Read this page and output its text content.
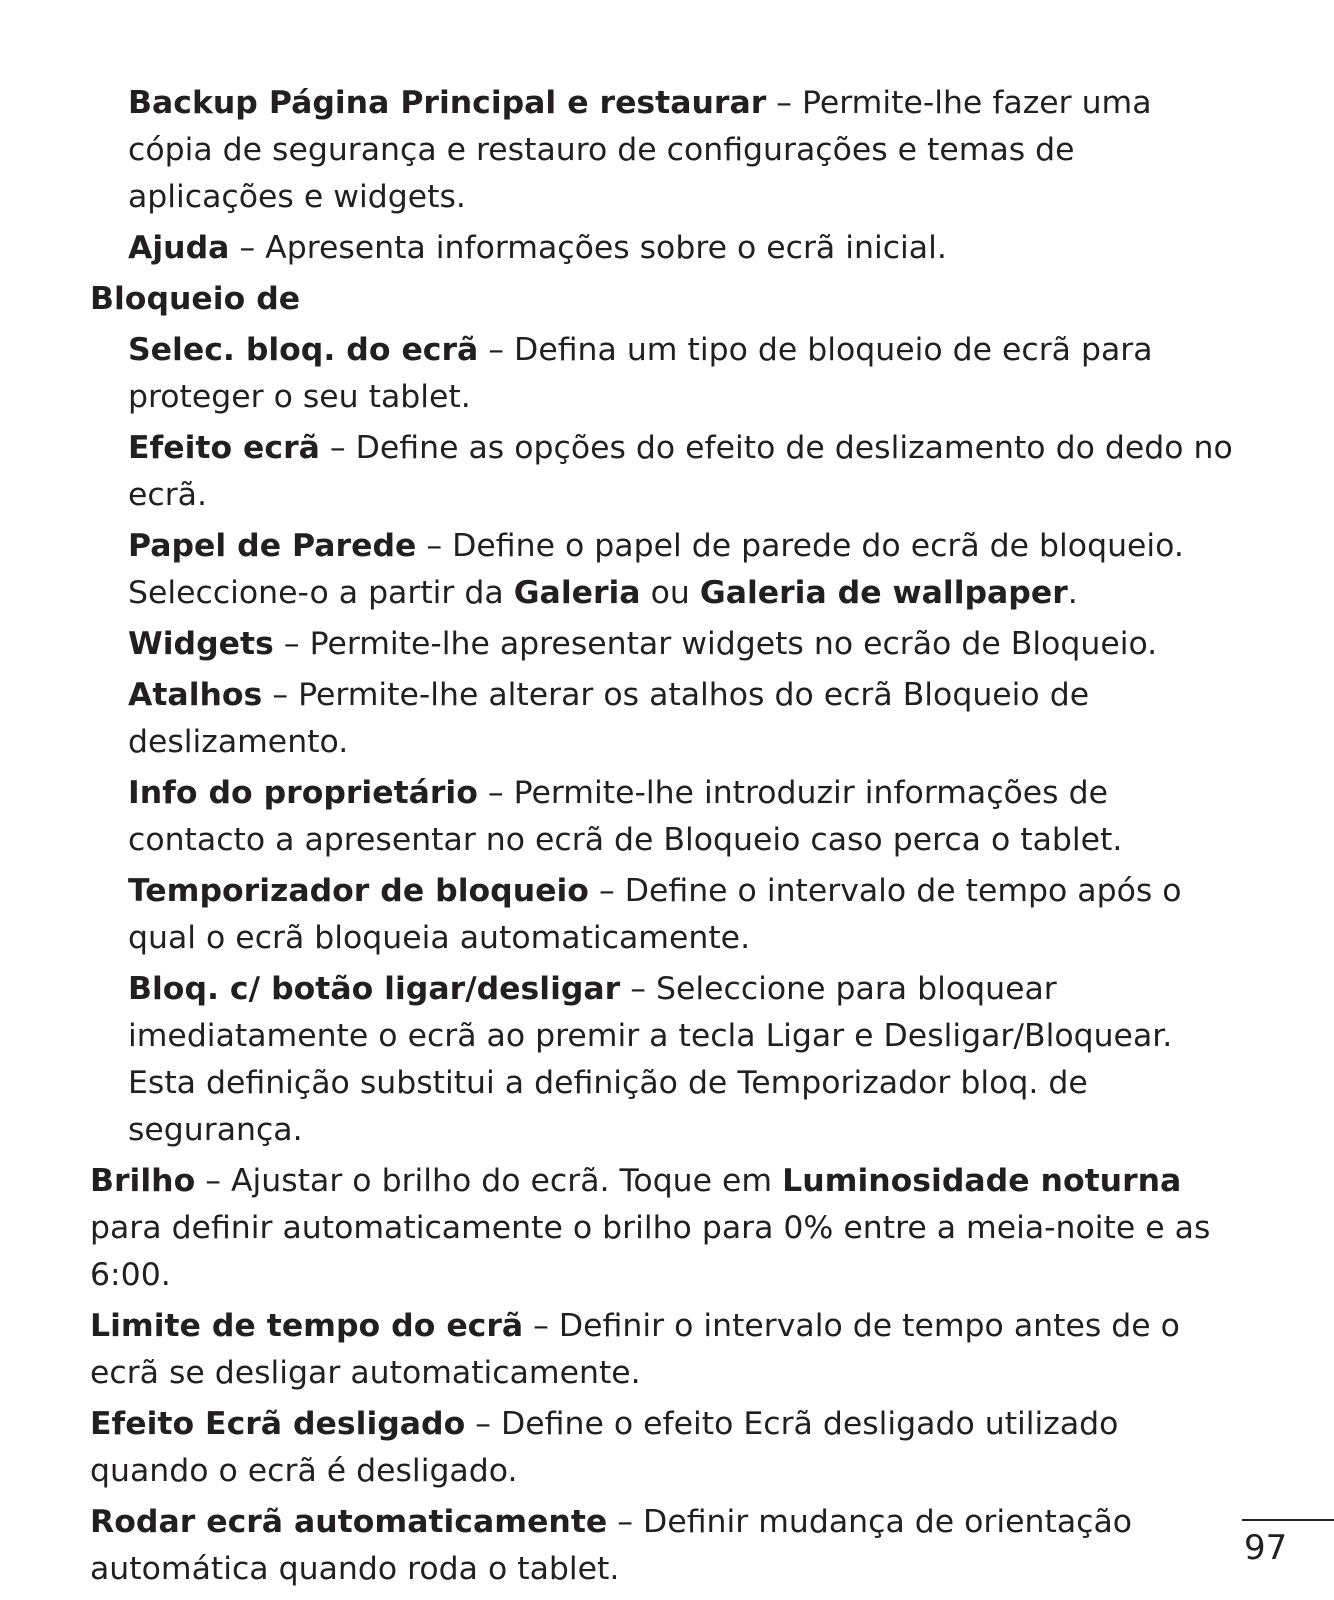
Backup Página Principal e restaurar – Permite-lhe fazer uma cópia de segurança e restauro de configurações e temas de aplicações e widgets.

Ajuda – Apresenta informações sobre o ecrã inicial.

Bloqueio de

Selec. bloq. do ecrã – Defina um tipo de bloqueio de ecrã para proteger o seu tablet.

Efeito ecrã – Define as opções do efeito de deslizamento do dedo no ecrã.

Papel de Parede – Define o papel de parede do ecrã de bloqueio. Seleccione-o a partir da Galeria ou Galeria de wallpaper.

Widgets – Permite-lhe apresentar widgets no ecrão de Bloqueio.

Atalhos – Permite-lhe alterar os atalhos do ecrã Bloqueio de deslizamento.

Info do proprietário – Permite-lhe introduzir informações de contacto a apresentar no ecrã de Bloqueio caso perca o tablet.

Temporizador de bloqueio – Define o intervalo de tempo após o qual o ecrã bloqueia automaticamente.

Bloq. c/ botão ligar/desligar – Seleccione para bloquear imediatamente o ecrã ao premir a tecla Ligar e Desligar/Bloquear. Esta definição substitui a definição de Temporizador bloq. de segurança.

Brilho – Ajustar o brilho do ecrã. Toque em Luminosidade noturna para definir automaticamente o brilho para 0% entre a meia-noite e as 6:00.

Limite de tempo do ecrã – Definir o intervalo de tempo antes de o ecrã se desligar automaticamente.

Efeito Ecrã desligado – Define o efeito Ecrã desligado utilizado quando o ecrã é desligado.

Rodar ecrã automaticamente – Definir mudança de orientação automática quando roda o tablet.

97
